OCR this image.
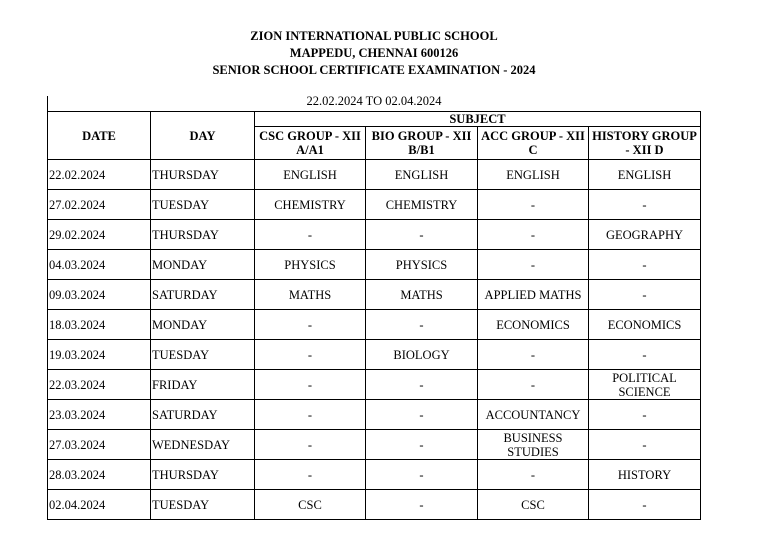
ZION INTERNATIONAL PUBLIC SCHOOL
MAPPEDU, CHENNAI 600126
SENIOR SCHOOL CERTIFICATE EXAMINATION - 2024
22.02.2024 TO 02.04.2024
DATE	DAY	SUBJECT			
		CSC GROUP - XII A/A1	BIO GROUP - XII B/B1	ACC GROUP - XII C	HISTORY GROUP - XII D
22.02.2024	THURSDAY	ENGLISH	ENGLISH	ENGLISH	ENGLISH
27.02.2024	TUESDAY	CHEMISTRY	CHEMISTRY	-	-
29.02.2024	THURSDAY	-	-	-	GEOGRAPHY
04.03.2024	MONDAY	PHYSICS	PHYSICS	-	-
09.03.2024	SATURDAY	MATHS	MATHS	APPLIED MATHS	-
18.03.2024	MONDAY	-	-	ECONOMICS	ECONOMICS
19.03.2024	TUESDAY	-	BIOLOGY	-	-
22.03.2024	FRIDAY	-	-	-	POLITICAL SCIENCE
23.03.2024	SATURDAY	-	-	ACCOUNTANCY	-
27.03.2024	WEDNESDAY	-	-	BUSINESS STUDIES	-
28.03.2024	THURSDAY	-	-	-	HISTORY
02.04.2024	TUESDAY	CSC	-	CSC	-
